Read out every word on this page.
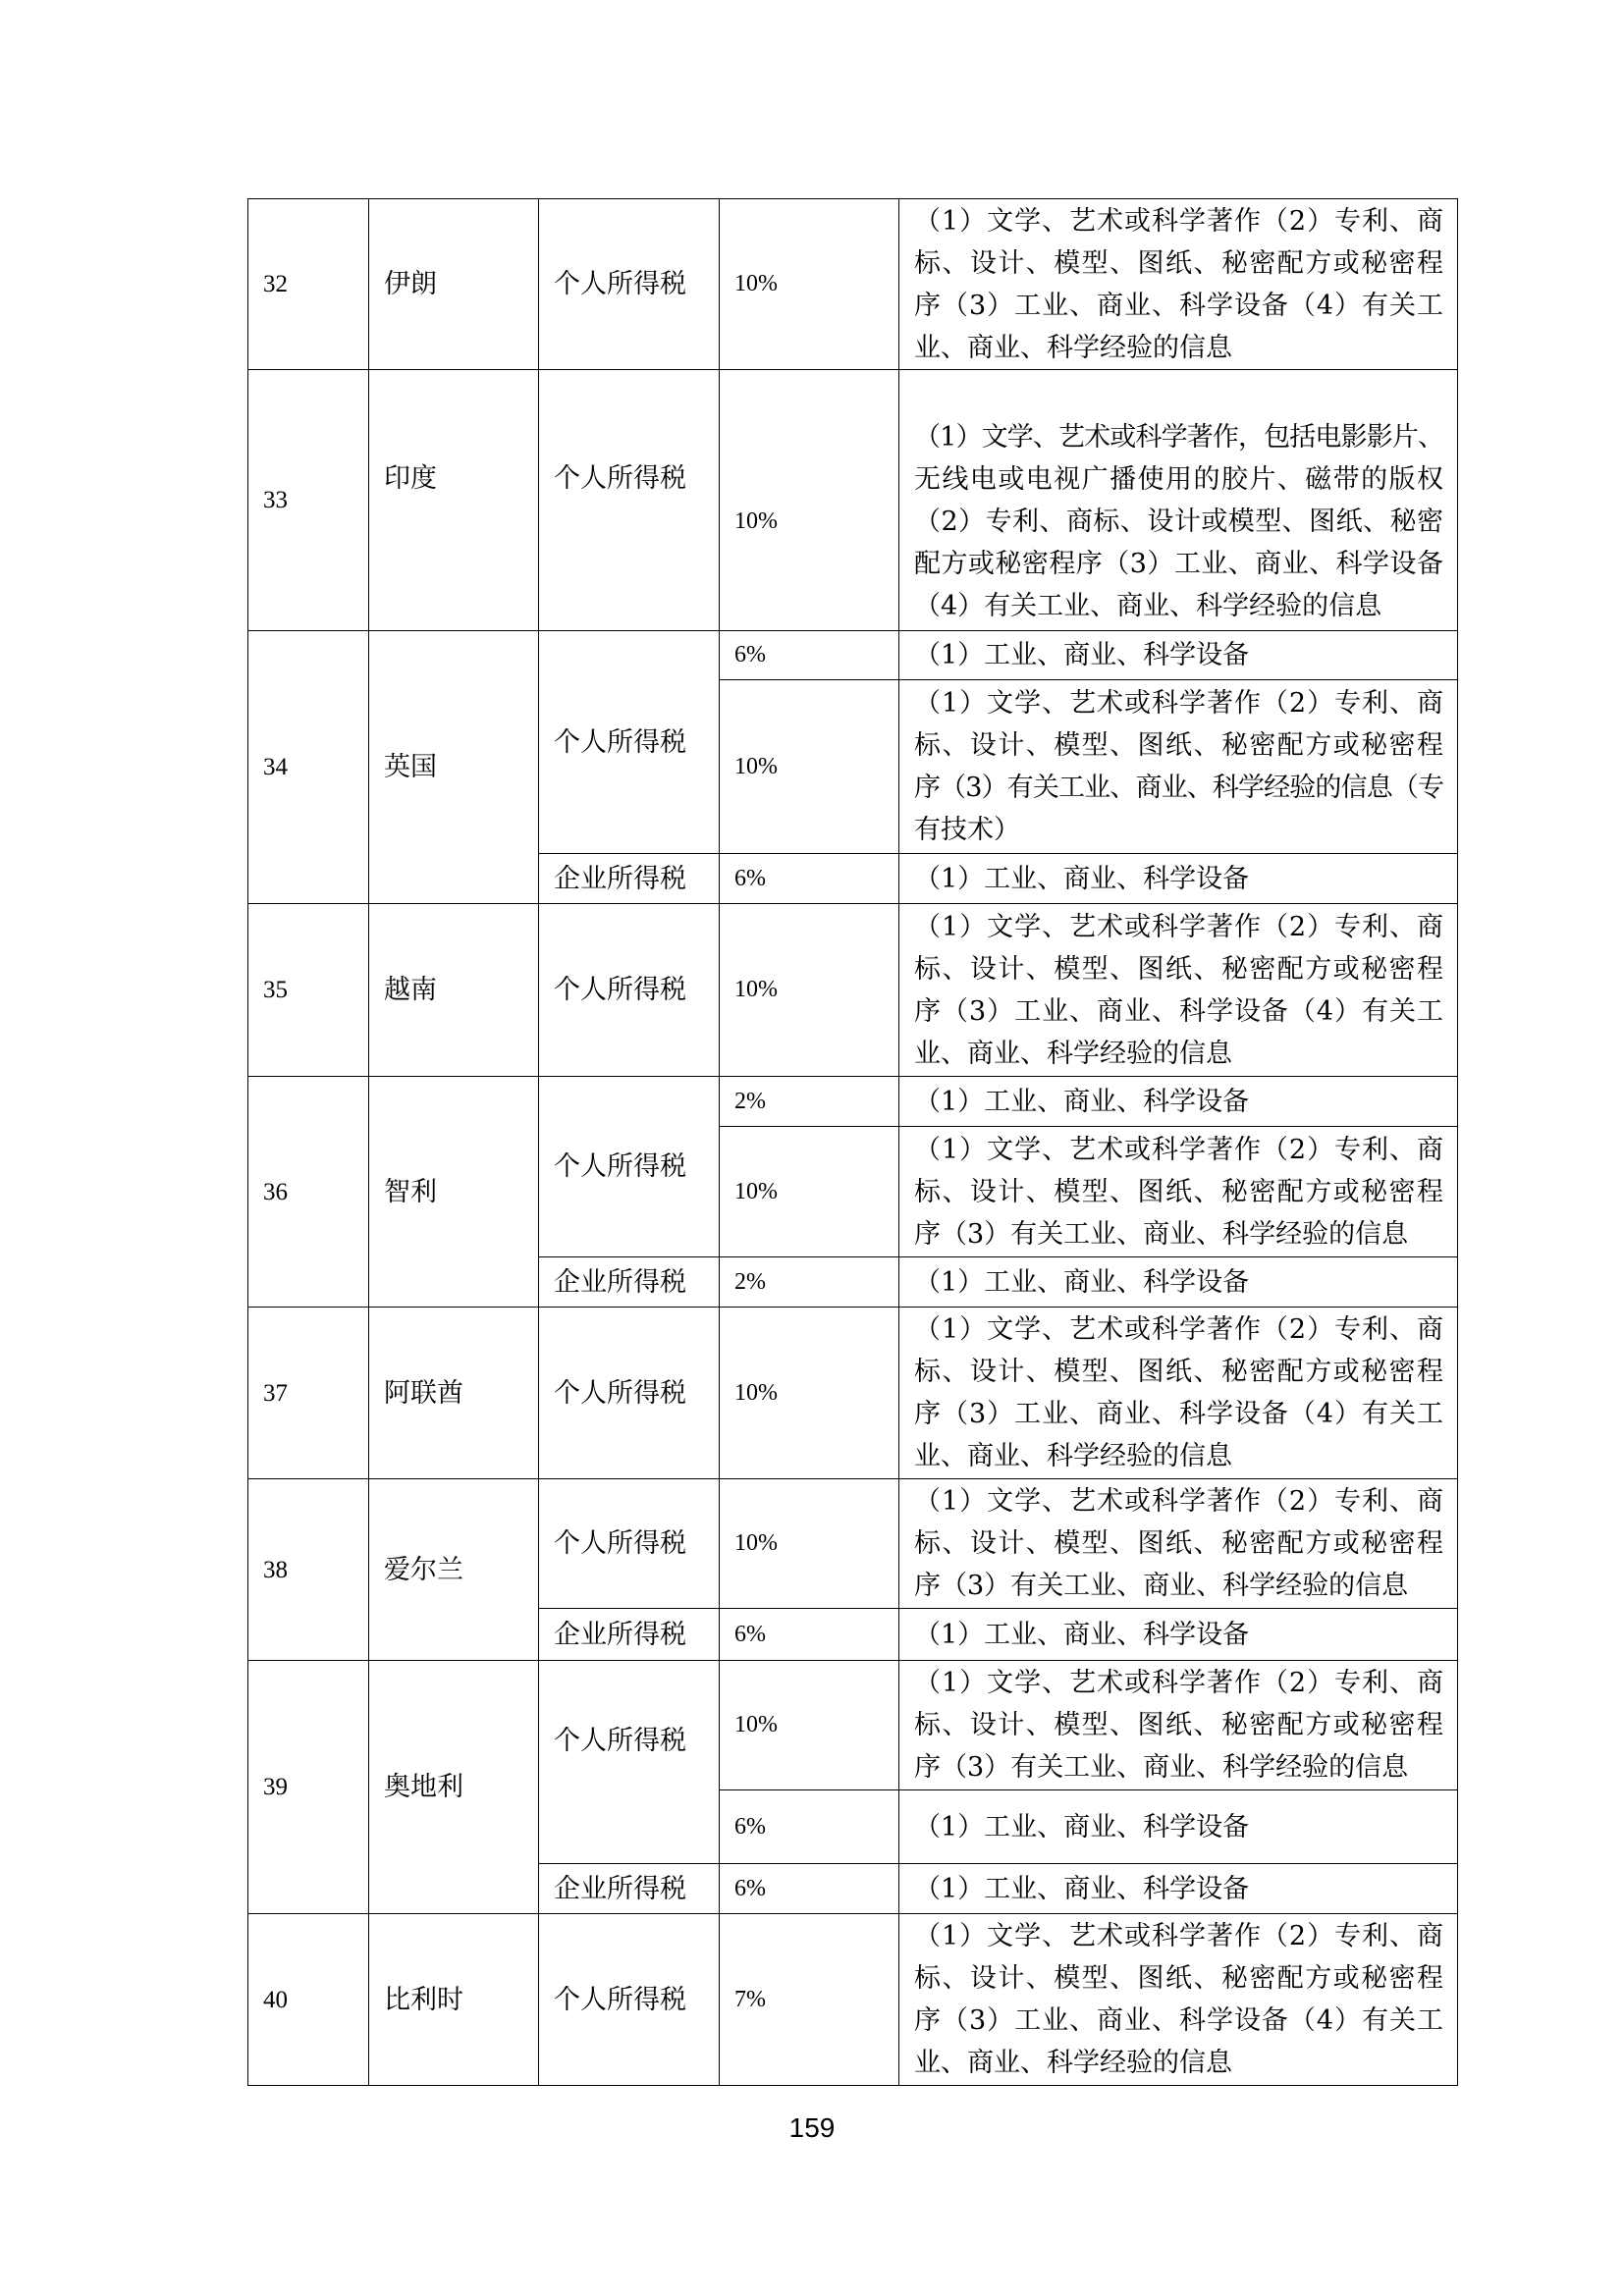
32	伊朗	个人所得税	10%	（1）文学、艺术或科学著作（2）专利、商
标、设计、模型、图纸、秘密配方或秘密程
序（3）工业、商业、科学设备（4）有关工
业、商业、科学经验的信息

33	印度	个人所得税	10%	（1）文学、艺术或科学著作，包括电影影片、
无线电或电视广播使用的胶片、磁带的版权
（2）专利、商标、设计或模型、图纸、秘密
配方或秘密程序（3）工业、商业、科学设备
（4）有关工业、商业、科学经验的信息

34	英国	个人所得税	6%	（1）工业、商业、科学设备

			10%	（1）文学、艺术或科学著作（2）专利、商
标、设计、模型、图纸、秘密配方或秘密程
序（3）有关工业、商业、科学经验的信息（专
有技术）

		企业所得税	6%	（1）工业、商业、科学设备

35	越南	个人所得税	10%	（1）文学、艺术或科学著作（2）专利、商
标、设计、模型、图纸、秘密配方或秘密程
序（3）工业、商业、科学设备（4）有关工
业、商业、科学经验的信息

36	智利	个人所得税	2%	（1）工业、商业、科学设备

			10%	（1）文学、艺术或科学著作（2）专利、商
标、设计、模型、图纸、秘密配方或秘密程
序（3）有关工业、商业、科学经验的信息

		企业所得税	2%	（1）工业、商业、科学设备

37	阿联酋	个人所得税	10%	（1）文学、艺术或科学著作（2）专利、商
标、设计、模型、图纸、秘密配方或秘密程
序（3）工业、商业、科学设备（4）有关工
业、商业、科学经验的信息

38	爱尔兰	个人所得税	10%	（1）文学、艺术或科学著作（2）专利、商
标、设计、模型、图纸、秘密配方或秘密程
序（3）有关工业、商业、科学经验的信息

		企业所得税	6%	（1）工业、商业、科学设备

39	奥地利	个人所得税	10%	（1）文学、艺术或科学著作（2）专利、商
标、设计、模型、图纸、秘密配方或秘密程
序（3）有关工业、商业、科学经验的信息

			6%	（1）工业、商业、科学设备

		企业所得税	6%	（1）工业、商业、科学设备

40	比利时	个人所得税	7%	（1）文学、艺术或科学著作（2）专利、商
标、设计、模型、图纸、秘密配方或秘密程
序（3）工业、商业、科学设备（4）有关工
业、商业、科学经验的信息
159
